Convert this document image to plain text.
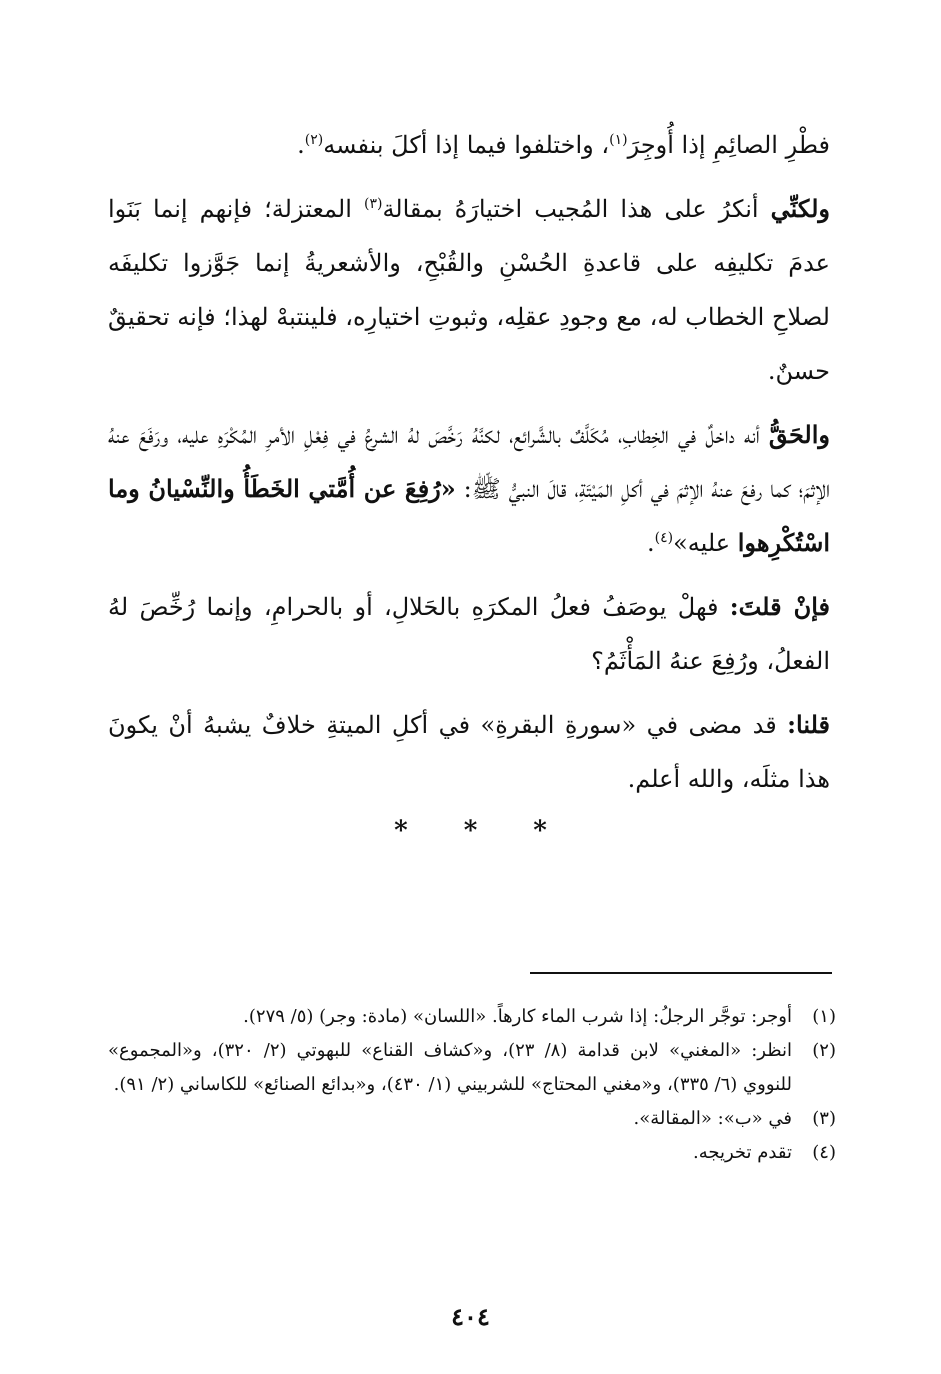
فطْرِ الصائِمِ إذا أُوجِرَ$^{(١)}$، واختلفوا فيما إذا أكلَ بنفسه$^{(٢)}$.

ولكنِّي أنكرُ على هذا المُجيب اختيارَهُ بمقالة$^{(٣)}$ المعتزلة؛ فإنهم إنما بَنَوا عدمَ تكليفِه على قاعدةِ الحُسْنِ والقُبْحِ، والأشعريةُ إنما جَوَّزوا تكليفَه لصلاحِ الخطاب له، مع وجودِ عقلِه، وثبوتِ اختيارِه، فلينتبهْ لهذا؛ فإنه تحقيقٌ حسنٌ.

والحَقُّ أنه داخلٌ في الخِطابِ، مُكَلَّفٌ بالشَّرائع، لكنَّهُ رَخَّصَ لهُ الشرعُ في فِعْلِ الأمرِ المُكْرَهِ عليه، ورَفَعَ عنهُ الإثمَ؛ كما رفعَ عنهُ الإثمَ في أكلِ المَيْتَةِ، قالَ النبيُّ ﷺ: «رُفِعَ عن أُمَّتي الخَطَأُ والنِّسْيانُ وما اسْتُكْرِهوا عليه»$^{(٤)}$.

فإنْ قلتَ: فهلْ يوصَفُ فعلُ المكرَهِ بالحَلالِ، أو بالحرامِ، وإنما رُخِّصَ لهُ الفعلُ، ورُفِعَ عنهُ المَأْثَمُ؟

قلنا: قد مضى في «سورةِ البقرةِ» في أكلِ الميتةِ خلافٌ يشبهُ أنْ يكونَ هذا مثلَه، والله أعلم.

***
(١)
أوجر: توجَّر الرجلُ: إذا شرب الماء كارهاً. «اللسان» (مادة: وجر) (٥/ ٢٧٩).
(٢)
انظر: «المغني» لابن قدامة (٨/ ٢٣)، و«كشاف القناع» للبهوتي (٢/ ٣٢٠)، و«المجموع» للنووي (٦/ ٣٣٥)، و«مغني المحتاج» للشربيني (١/ ٤٣٠)، و«بدائع الصنائع» للكاساني (٢/ ٩١).
(٣)
في «ب»: «المقالة».
(٤)
تقدم تخريجه.
٤٠٤
